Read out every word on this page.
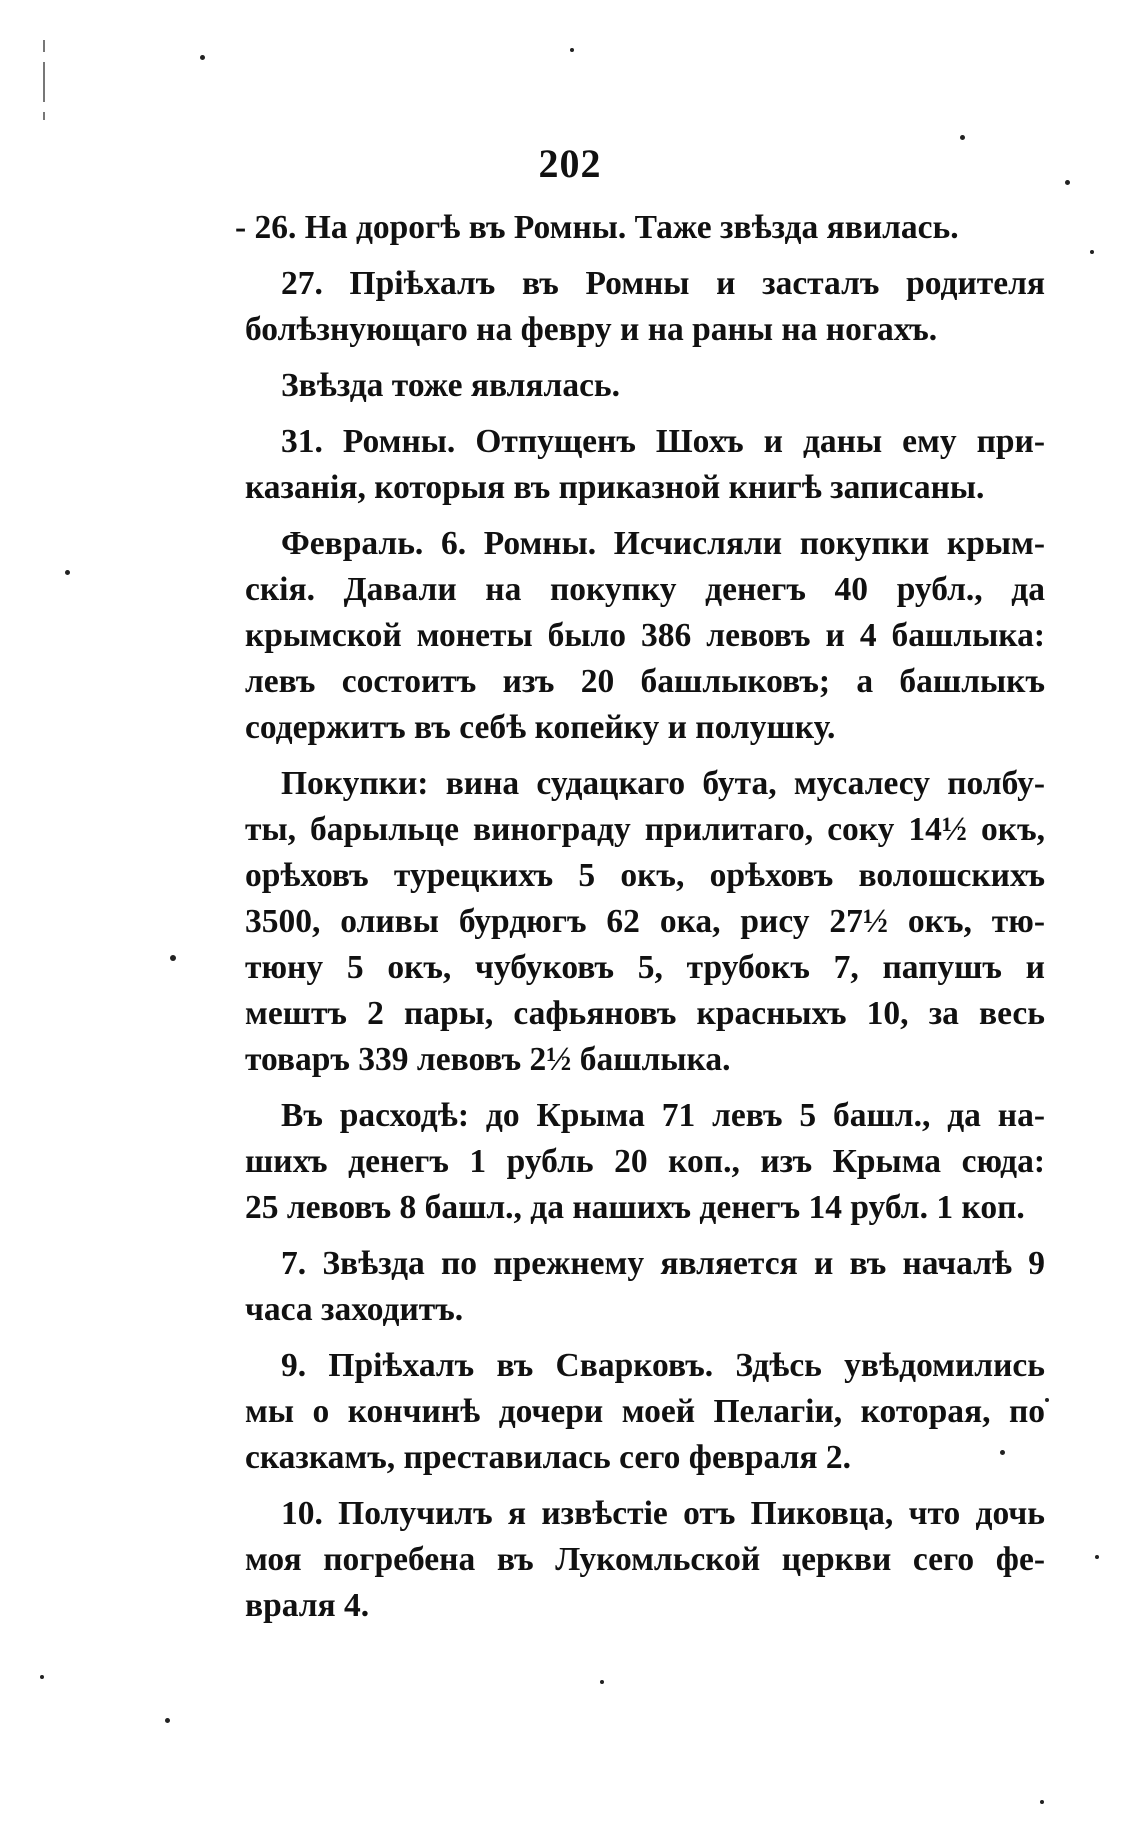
202
- 26. На дорогѣ въ Ромны. Таже звѣзда явилась.
27. Прiѣхалъ въ Ромны и засталъ родителя
болѣзнующаго на февру и на раны на ногахъ.
Звѣзда тоже являлась.
31. Ромны. Отпущенъ Шохъ и даны ему при-
казанiя, которыя въ приказной книгѣ записаны.
Февраль. 6. Ромны. Исчисляли покупки крым-
скiя. Давали на покупку денегъ 40 рубл., да
крымской монеты было 386 левовъ и 4 башлыка:
левъ состоитъ изъ 20 башлыковъ; а башлыкъ
содержитъ въ себѣ копейку и полушку.
Покупки: вина судацкаго бута, мусалесу полбу-
ты, барыльце винограду прилитаго, соку 14½ окъ,
орѣховъ турецкихъ 5 окъ, орѣховъ волошскихъ
3500, оливы бурдюгъ 62 ока, рису 27½ окъ, тю-
тюну 5 окъ, чубуковъ 5, трубокъ 7, папушъ и
мештъ 2 пары, сафьяновъ красныхъ 10, за весь
товаръ 339 левовъ 2½ башлыка.
Въ расходѣ: до Крыма 71 левъ 5 башл., да на-
шихъ денегъ 1 рубль 20 коп., изъ Крыма сюда:
25 левовъ 8 башл., да нашихъ денегъ 14 рубл. 1 коп.
7. Звѣзда по прежнему является и въ началѣ 9
часа заходитъ.
9. Прiѣхалъ въ Сварковъ. Здѣсь увѣдомились
мы о кончинѣ дочери моей Пелагiи, которая, по
сказкамъ, преставилась сего февраля 2.
10. Получилъ я извѣстiе отъ Пиковца, что дочь
моя погребена въ Лукомльской церкви сего фе-
враля 4.
